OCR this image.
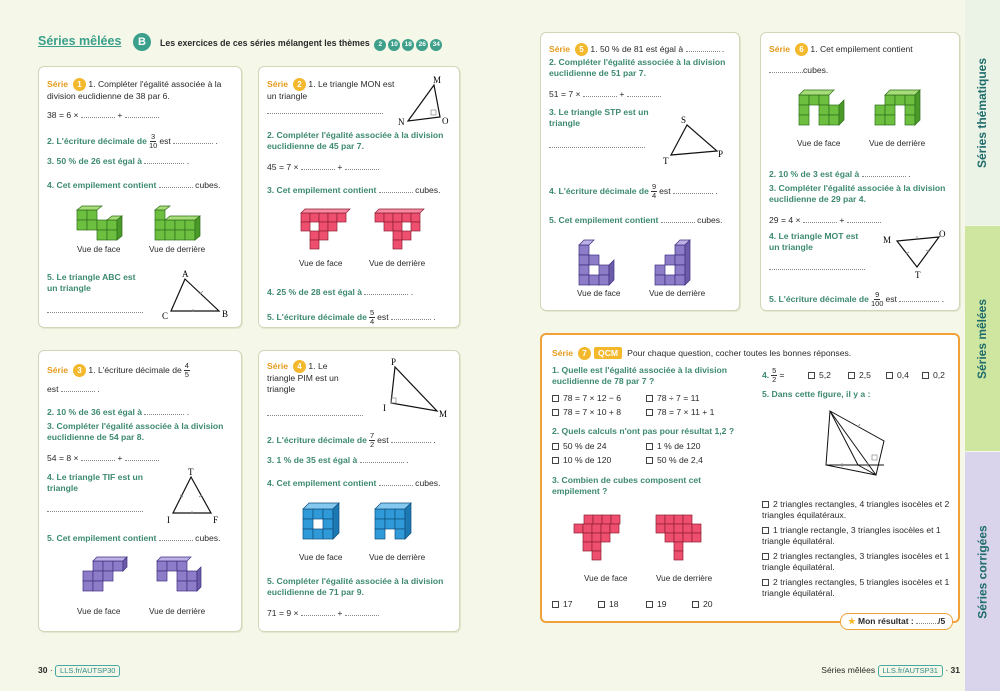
Séries thématiques
Séries mêlées
Séries corrigées
Séries mêlées	B	Les exercices de ces séries mélangent les thèmes 2 10 18 26 34
Série 1 1. Compléter l'égalité associée à la division euclidienne de 38 par 6.
38 = 6 ×	+
2. L'écriture décimale de $\frac{3}{10}$ est	.
3. 50 % de 26 est égal à	.
4. Cet empilement contient	cubes.
Vue de face	Vue de derrière
5. Le triangle ABC est un triangle
A
B
C
Série 2 1. Le triangle MON est un triangle
M
O
N
2. Compléter l'égalité associée à la division euclidienne de 45 par 7.
45 = 7 ×	+
3. Cet empilement contient	cubes.
Vue de face	Vue de derrière
4. 25 % de 28 est égal à	.
5. L'écriture décimale de $\frac{5}{4}$ est	.
Série 3 1. L'écriture décimale de $\frac{4}{5}$
est	.
2. 10 % de 36 est égal à	.
3. Compléter l'égalité associée à la division euclidienne de 54 par 8.
54 = 8 ×	+
4. Le triangle TIF est un triangle
T
I	F
5. Cet empilement contient	cubes.
Vue de face	Vue de derrière
Série 4 1. Le triangle PIM est un triangle
P
I
M
2. L'écriture décimale de $\frac{7}{2}$ est	.
3. 1 % de 35 est égal à	.
4. Cet empilement contient	cubes.
Vue de face	Vue de derrière
5. Compléter l'égalité associée à la division euclidienne de 71 par 9.
71 = 9 ×	+
Série 5 1. 50 % de 81 est égal à	.
2. Compléter l'égalité associée à la division euclidienne de 51 par 7.
51 = 7 ×	+
3. Le triangle STP est un triangle	S
P
T
4. L'écriture décimale de $\frac{9}{4}$ est	.
5. Cet empilement contient	cubes.
Vue de face	Vue de derrière
Série 6 1. Cet empilement contient
cubes.
Vue de face	Vue de derrière
2. 10 % de 3 est égal à	.
3. Compléter l'égalité associée à la division euclidienne de 29 par 4.
29 = 4 ×	+
4. Le triangle MOT est un triangle
M
O
T
5. L'écriture décimale de $\frac{9}{100}$ est	.
Série 7 QCM Pour chaque question, cocher toutes les bonnes réponses.
1. Quelle est l'égalité associée à la division euclidienne de 78 par 7 ?
78 = 7 × 12 − 6	78 ÷ 7 = 11
78 = 7 × 10 + 8	78 = 7 × 11 + 1
2. Quels calculs n'ont pas pour résultat 1,2 ?
50 % de 24	1 % de 120
10 % de 120	50 % de 2,4
3. Combien de cubes composent cet empilement ?
Vue de face	Vue de derrière
17	18	19	20
4. $\frac{5}{2}$ =	5,2	2,5	0,4	0,2
5. Dans cette figure, il y a :
2 triangles rectangles, 4 triangles isocèles et 2 triangles équilatéraux.
1 triangle rectangle, 3 triangles isocèles et 1 triangle équilatéral.
2 triangles rectangles, 3 triangles isocèles et 1 triangle équilatéral.
2 triangles rectangles, 5 triangles isocèles et 1 triangle équilatéral.
★ Mon résultat :	/5
30 · LLS.fr/AUTSP30	Séries mêlées LLS.fr/AUTSP31 · 31
